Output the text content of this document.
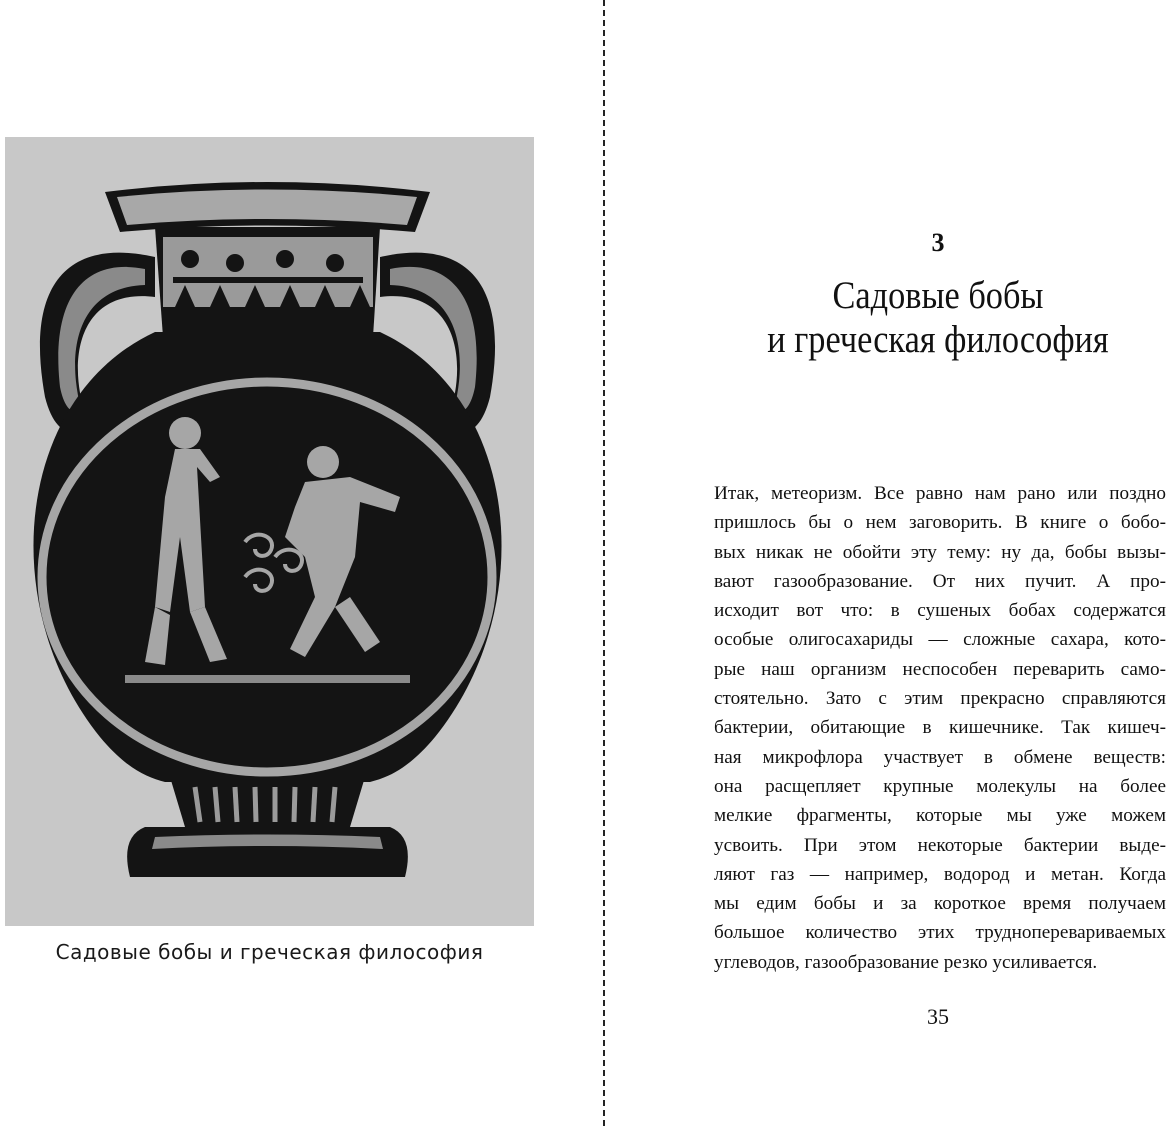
Садовые бобы и греческая философия
3
Садовые бобы
и греческая философия
Итак, метеоризм. Все равно нам рано или поздно
пришлось бы о нем заговорить. В книге о бобо-
вых никак не обойти эту тему: ну да, бобы вызы-
вают газообразование. От них пучит. А про-
исходит вот что: в сушеных бобах содержатся
особые олигосахариды — сложные сахара, кото-
рые наш организм неспособен переварить само-
стоятельно. Зато с этим прекрасно справляются
бактерии, обитающие в кишечнике. Так кишеч-
ная микрофлора участвует в обмене веществ:
она расщепляет крупные молекулы на более
мелкие фрагменты, которые мы уже можем
усвоить. При этом некоторые бактерии выде-
ляют газ — например, водород и метан. Когда
мы едим бобы и за короткое время получаем
большое количество этих трудноперевариваемых
углеводов, газообразование резко усиливается.
35
